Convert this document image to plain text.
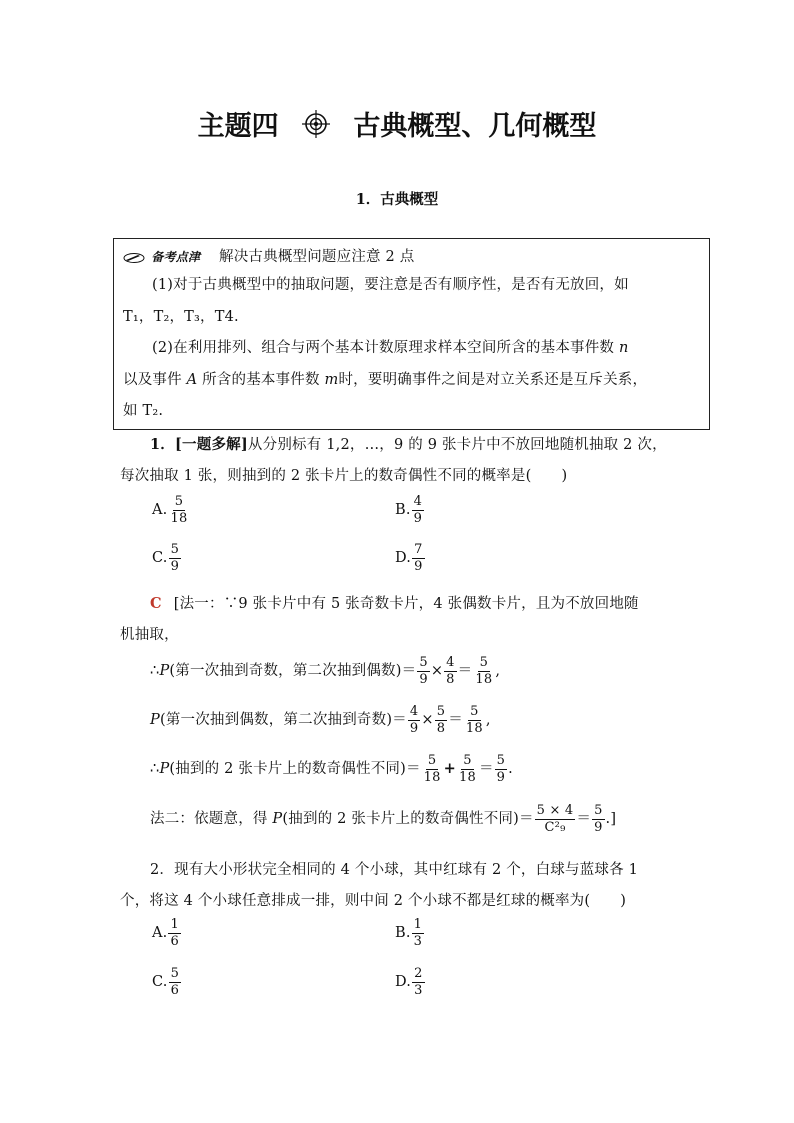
主题四	古典概型、几何概型
1．古典概型
备考点津 解决古典概型问题应注意 2 点
(1)对于古典概型中的抽取问题，要注意是否有顺序性，是否有无放回，如
T₁，T₂，T₃，T4.
(2)在利用排列、组合与两个基本计数原理求样本空间所含的基本事件数 n
以及事件 A 所含的基本事件数 m时，要明确事件之间是对立关系还是互斥关系，
如 T₂.
1．[一题多解]从分别标有 1,2，…，9 的 9 张卡片中不放回地随机抽取 2 次，
每次抽取 1 张，则抽到的 2 张卡片上的数奇偶性不同的概率是( )
A. $\frac{5}{18}$	B. $\frac{4}{9}$
C. $\frac{5}{9}$	D. $\frac{7}{9}$
C [法一：∵9 张卡片中有 5 张奇数卡片，4 张偶数卡片，且为不放回地随
机抽取，
∴P(第一次抽到奇数，第二次抽到偶数)＝ $\frac{5}{9} \times \frac{4}{8} = \frac{5}{18}$ ,
P(第一次抽到偶数，第二次抽到奇数)＝ $\frac{4}{9} \times \frac{5}{8} = \frac{5}{18}$ ,
∴P(抽到的 2 张卡片上的数奇偶性不同)＝ $\frac{5}{18} + \frac{5}{18} = \frac{5}{9}$ .
法二：依题意，得 P(抽到的 2 张卡片上的数奇偶性不同)＝ $\frac{5 \times 4}{\text{C²₉}} = \frac{5}{9}$ .]
2．现有大小形状完全相同的 4 个小球，其中红球有 2 个，白球与蓝球各 1
个，将这 4 个小球任意排成一排，则中间 2 个小球不都是红球的概率为( )
A. $\frac{1}{6}$	B. $\frac{1}{3}$
C. $\frac{5}{6}$	D. $\frac{2}{3}$
